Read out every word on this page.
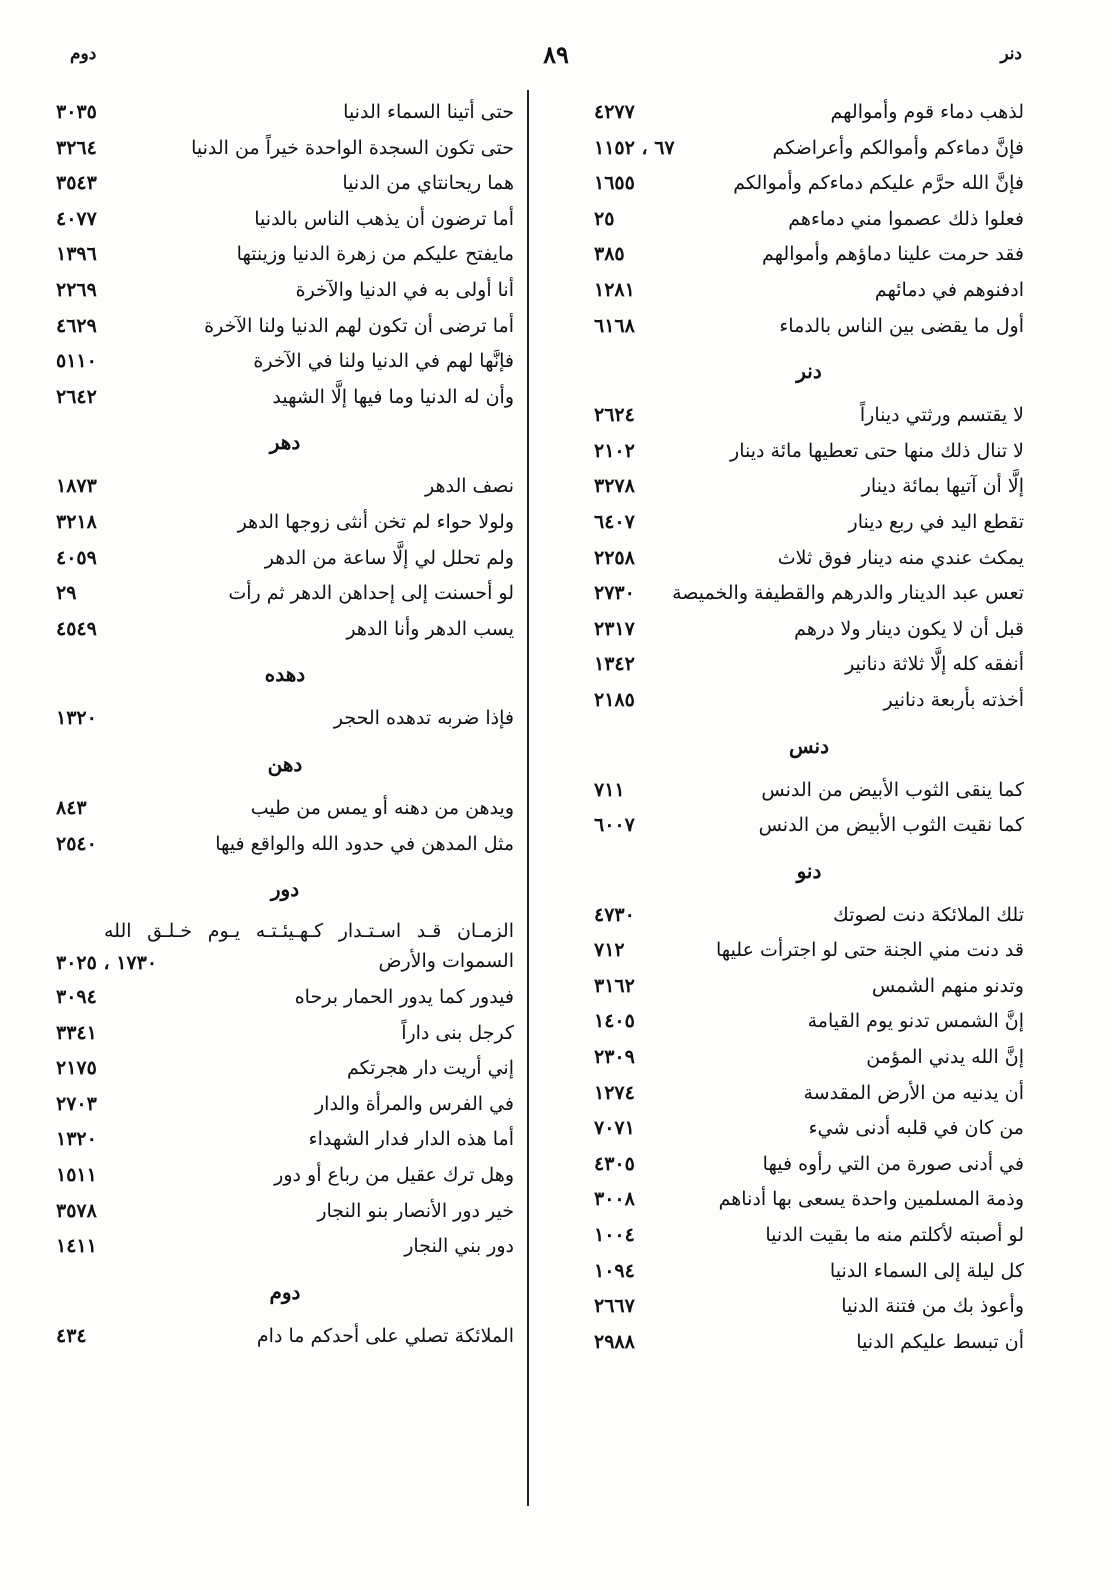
دنر
٨٩
دوم
لذهب دماء قوم وأموالهم
٤٢٧٧
فإنَّ دماءكم وأموالكم وأعراضكم
٦٧ ، ١١٥٢
فإنَّ الله حرَّم عليكم دماءكم وأموالكم
١٦٥٥
فعلوا ذلك عصموا مني دماءهم
٢٥
فقد حرمت علينا دماؤهم وأموالهم
٣٨٥
ادفنوهم في دمائهم
١٢٨١
أول ما يقضى بين الناس بالدماء
٦١٦٨
دنر
لا يقتسم ورثتي ديناراً
٢٦٢٤
لا تنال ذلك منها حتى تعطيها مائة دينار
٢١٠٢
إلَّا أن آتيها بمائة دينار
٣٢٧٨
تقطع اليد في ربع دينار
٦٤٠٧
يمكث عندي منه دينار فوق ثلاث
٢٢٥٨
تعس عبد الدينار والدرهم والقطيفة والخميصة
٢٧٣٠
قبل أن لا يكون دينار ولا درهم
٢٣١٧
أنفقه كله إلَّا ثلاثة دنانير
١٣٤٢
أخذته بأربعة دنانير
٢١٨٥
دنس
كما ينقى الثوب الأبيض من الدنس
٧١١
كما نقيت الثوب الأبيض من الدنس
٦٠٠٧
دنو
تلك الملائكة دنت لصوتك
٤٧٣٠
قد دنت مني الجنة حتى لو اجترأت عليها
٧١٢
وتدنو منهم الشمس
٣١٦٢
إنَّ الشمس تدنو يوم القيامة
١٤٠٥
إنَّ الله يدني المؤمن
٢٣٠٩
أن يدنيه من الأرض المقدسة
١٢٧٤
من كان في قلبه أدنى شيء
٧٠٧١
في أدنى صورة من التي رأوه فيها
٤٣٠٥
وذمة المسلمين واحدة يسعى بها أدناهم
٣٠٠٨
لو أصبته لأكلتم منه ما بقيت الدنيا
١٠٠٤
كل ليلة إلى السماء الدنيا
١٠٩٤
وأعوذ بك من فتنة الدنيا
٢٦٦٧
أن تبسط عليكم الدنيا
٢٩٨٨
حتى أتينا السماء الدنيا
٣٠٣٥
حتى تكون السجدة الواحدة خيراً من الدنيا
٣٢٦٤
هما ريحانتاي من الدنيا
٣٥٤٣
أما ترضون أن يذهب الناس بالدنيا
٤٠٧٧
مايفتح عليكم من زهرة الدنيا وزينتها
١٣٩٦
أنا أولى به في الدنيا والآخرة
٢٢٦٩
أما ترضى أن تكون لهم الدنيا ولنا الآخرة
٤٦٢٩
فإنَّها لهم في الدنيا ولنا في الآخرة
٥١١٠
وأن له الدنيا وما فيها إلَّا الشهيد
٢٦٤٢
دهر
نصف الدهر
١٨٧٣
ولولا حواء لم تخن أنثى زوجها الدهر
٣٢١٨
ولم تحلل لي إلَّا ساعة من الدهر
٤٠٥٩
لو أحسنت إلى إحداهن الدهر ثم رأت
٢٩
يسب الدهر وأنا الدهر
٤٥٤٩
دهده
فإذا ضربه تدهده الحجر
١٣٢٠
دهن
ويدهن من دهنه أو يمس من طيب
٨٤٣
مثل المدهن في حدود الله والواقع فيها
٢٥٤٠
دور
الزمـان قـد اسـتـدار كـهـيئـتـه يـوم خـلـق الله السموات والأرض
١٧٣٠ ، ٣٠٢٥
فيدور كما يدور الحمار برحاه
٣٠٩٤
كرجل بنى داراً
٣٣٤١
إني أريت دار هجرتكم
٢١٧٥
في الفرس والمرأة والدار
٢٧٠٣
أما هذه الدار فدار الشهداء
١٣٢٠
وهل ترك عقيل من رباع أو دور
١٥١١
خير دور الأنصار بنو النجار
٣٥٧٨
دور بني النجار
١٤١١
دوم
الملائكة تصلي على أحدكم ما دام
٤٣٤
